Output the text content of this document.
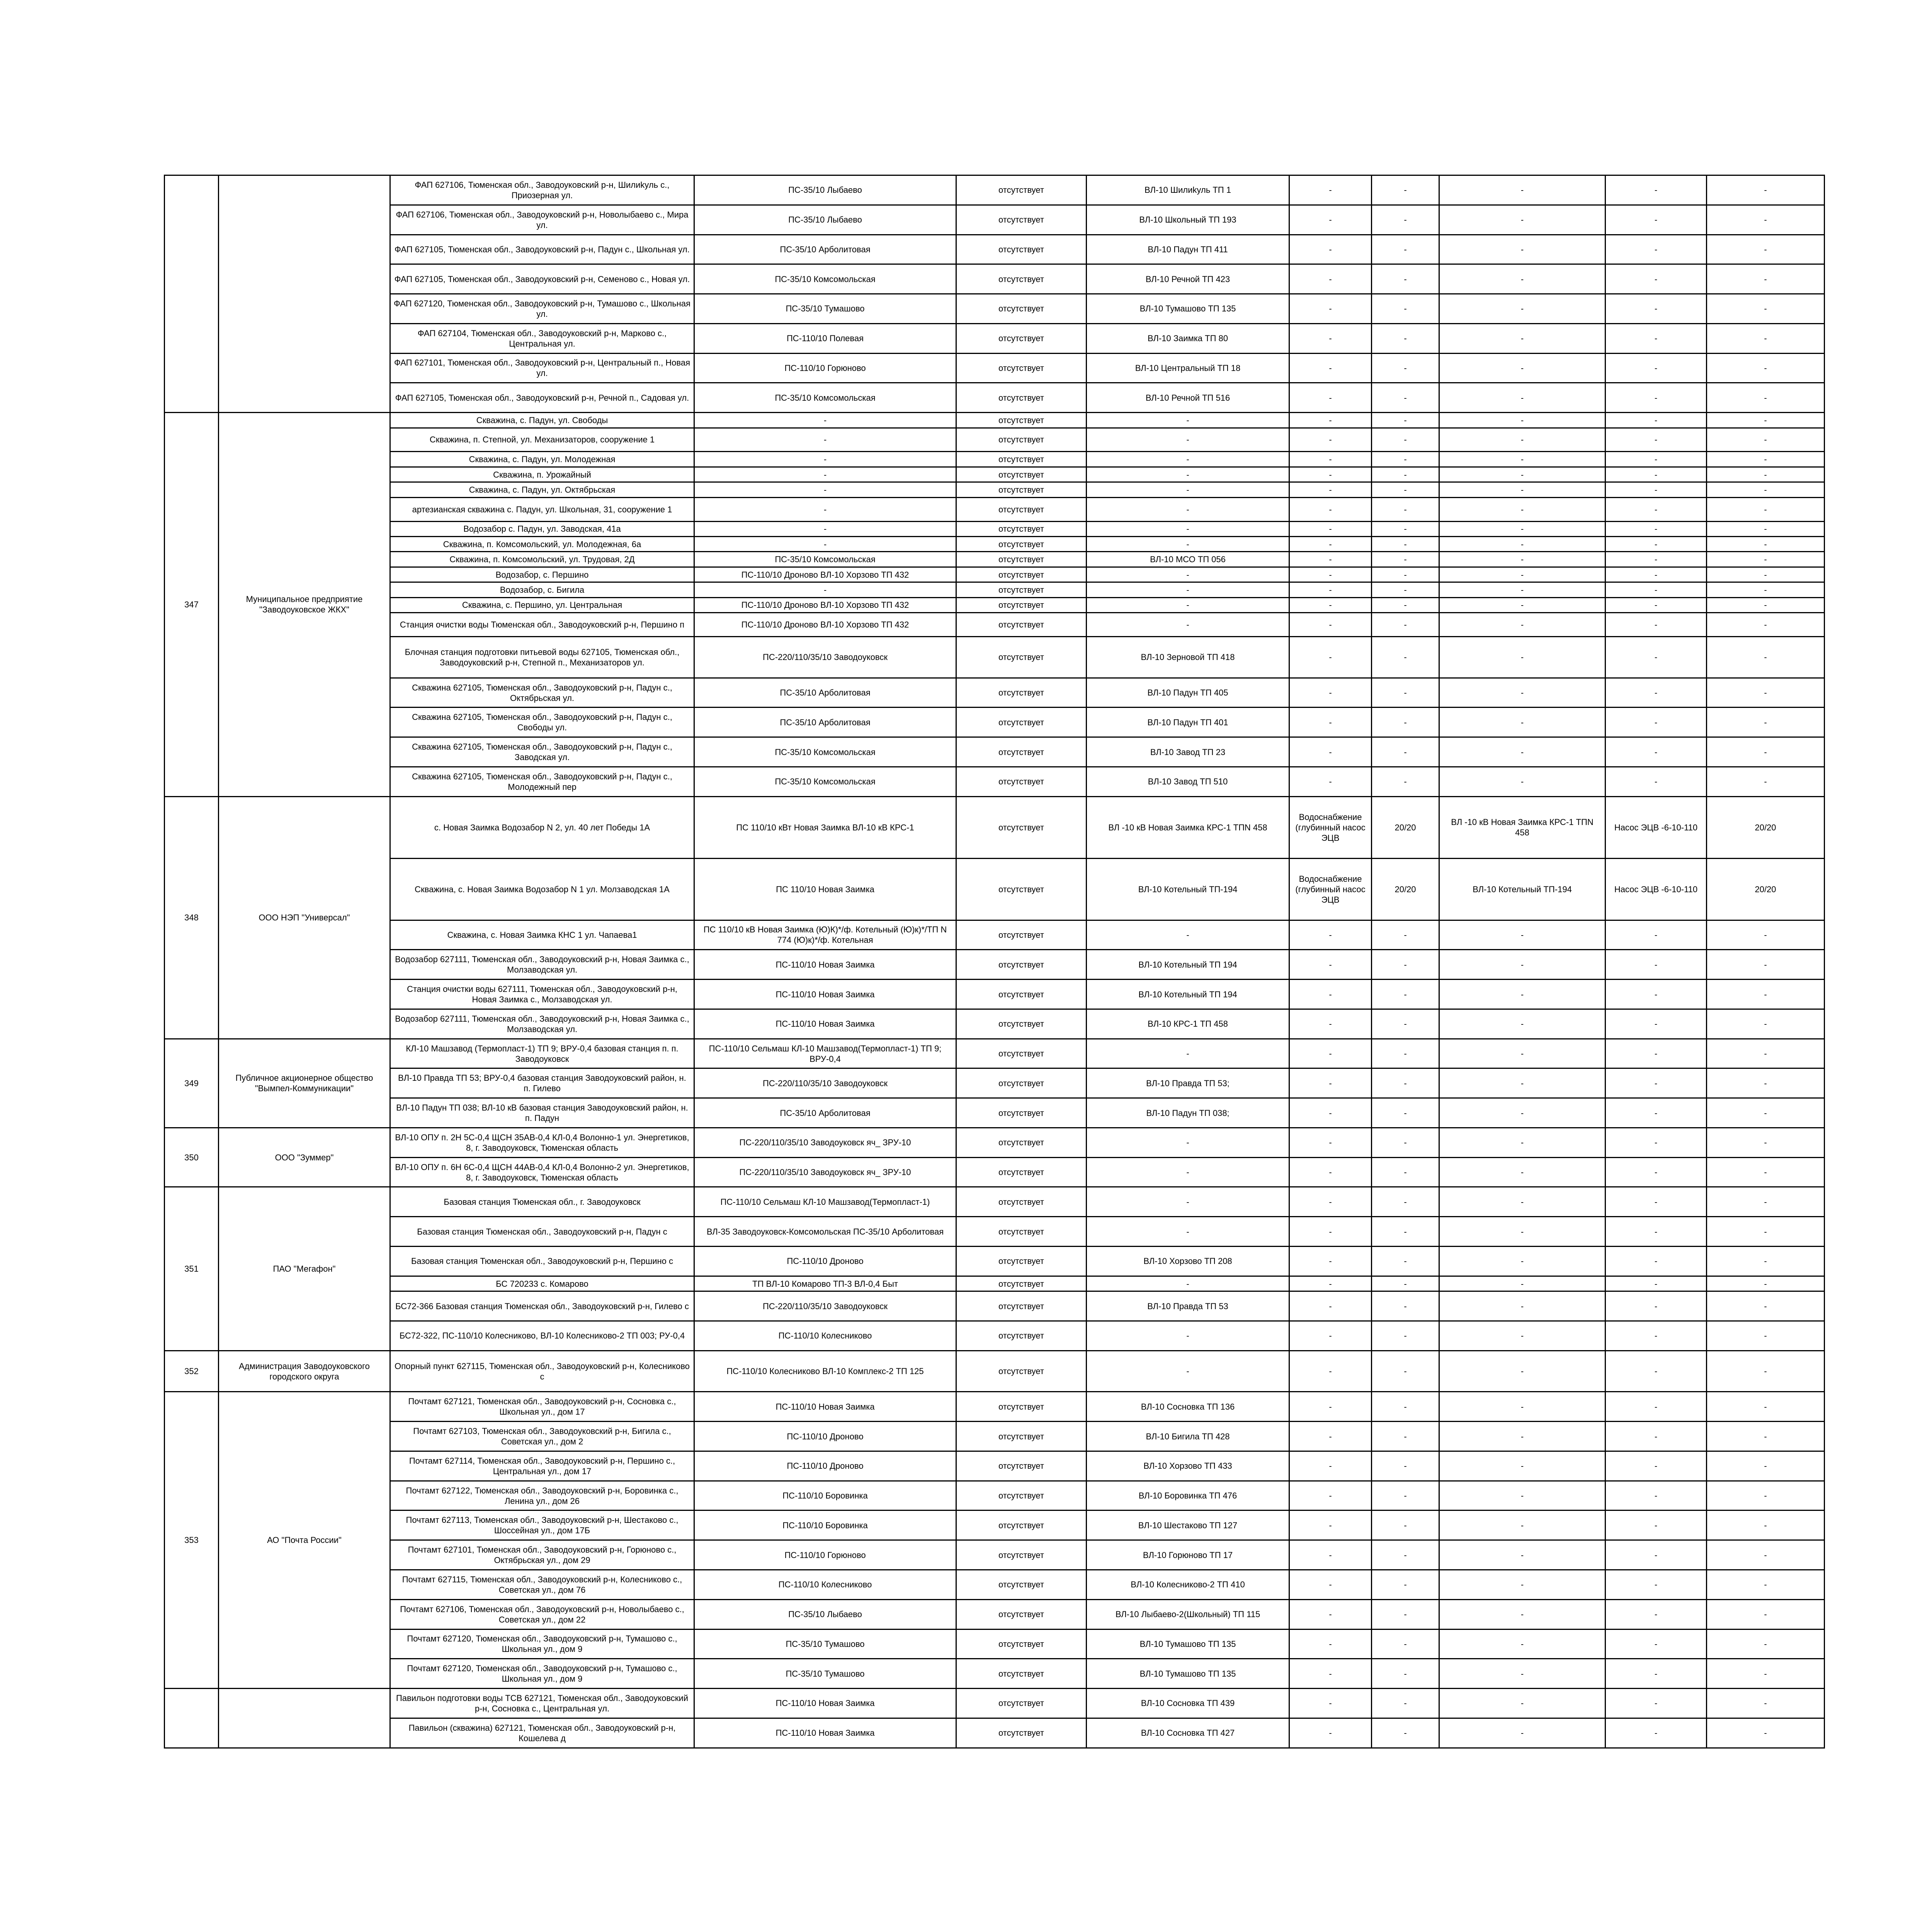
		ФАП 627106, Тюменская обл., Заводоуковский р-н, Шилиkуль с., Приозерная ул.	ПС-35/10 Лыбаево	отсутствует	ВЛ-10 Шилиkуль ТП 1	-	-	-	-	-
		ФАП 627106, Тюменская обл., Заводоуковский р-н, Новолыбаево с., Мира ул.	ПС-35/10 Лыбаево	отсутствует	ВЛ-10 Школьный ТП 193	-	-	-	-	-
		ФАП 627105, Тюменская обл., Заводоуковский р-н, Падун с., Школьная ул.	ПС-35/10 Арболитовая	отсутствует	ВЛ-10 Падун ТП 411	-	-	-	-	-
		ФАП 627105, Тюменская обл., Заводоуковский р-н, Семеново с., Новая ул.	ПС-35/10 Комсомольская	отсутствует	ВЛ-10 Речной ТП 423	-	-	-	-	-
		ФАП 627120, Тюменская обл., Заводоуковский р-н, Тумашово с., Школьная ул.	ПС-35/10 Тумашово	отсутствует	ВЛ-10 Тумашово ТП 135	-	-	-	-	-
		ФАП 627104, Тюменская обл., Заводоуковский р-н, Марково с., Центральная ул.	ПС-110/10 Полевая	отсутствует	ВЛ-10 Заимка ТП 80	-	-	-	-	-
		ФАП 627101, Тюменская обл., Заводоуковский р-н, Центральный п., Новая ул.	ПС-110/10 Горюново	отсутствует	ВЛ-10 Центральный ТП 18	-	-	-	-	-
		ФАП 627105, Тюменская обл., Заводоуковский р-н, Речной п., Садовая ул.	ПС-35/10 Комсомольская	отсутствует	ВЛ-10 Речной ТП 516	-	-	-	-	-
347	Муниципальное предприятие "Заводоуковское ЖКХ"	Скважина, с. Падун, ул. Свободы	-	отсутствует	-	-	-	-	-	-
		Скважина, п. Степной, ул. Механизаторов, сооружение 1	-	отсутствует	-	-	-	-	-	-
		Скважина, с. Падун, ул. Молодежная	-	отсутствует	-	-	-	-	-	-
		Скважина, п. Урожайный	-	отсутствует	-	-	-	-	-	-
		Скважина, с. Падун, ул. Октябрьская	-	отсутствует	-	-	-	-	-	-
		артезианская скважина с. Падун, ул. Школьная, 31, сооружение 1	-	отсутствует	-	-	-	-	-	-
		Водозабор с. Падун, ул. Заводская, 41а	-	отсутствует	-	-	-	-	-	-
		Скважина, п. Комсомольский, ул. Молодежная, 6а	-	отсутствует	-	-	-	-	-	-
		Скважина, п. Комсомольский, ул. Трудовая, 2Д	ПС-35/10 Комсомольская	отсутствует	ВЛ-10 МСО ТП 056	-	-	-	-	-
		Водозабор, с. Першино	ПС-110/10 Дроново ВЛ-10 Хорзово ТП 432	отсутствует	-	-	-	-	-	-
		Водозабор, с. Бигила	-	отсутствует	-	-	-	-	-	-
		Скважина, с. Першино, ул. Центральная	ПС-110/10 Дроново ВЛ-10 Хорзово ТП 432	отсутствует	-	-	-	-	-	-
		Станция очистки воды Тюменская обл., Заводоуковский р-н, Першино п	ПС-110/10 Дроново ВЛ-10 Хорзово ТП 432	отсутствует	-	-	-	-	-	-
		Блочная станция подготовки питьевой воды 627105, Тюменская обл., Заводоуковский р-н, Степной п., Механизаторов ул.	ПС-220/110/35/10 Заводоуковск	отсутствует	ВЛ-10 Зерновой ТП 418	-	-	-	-	-
		Скважина 627105, Тюменская обл., Заводоуковский р-н, Падун с., Октябрьская ул.	ПС-35/10 Арболитовая	отсутствует	ВЛ-10 Падун ТП 405	-	-	-	-	-
		Скважина 627105, Тюменская обл., Заводоуковский р-н, Падун с., Свободы ул.	ПС-35/10 Арболитовая	отсутствует	ВЛ-10 Падун ТП 401	-	-	-	-	-
		Скважина 627105, Тюменская обл., Заводоуковский р-н, Падун с., Заводская ул.	ПС-35/10 Комсомольская	отсутствует	ВЛ-10 Завод ТП 23	-	-	-	-	-
		Скважина 627105, Тюменская обл., Заводоуковский р-н, Падун с., Молодежный пер	ПС-35/10 Комсомольская	отсутствует	ВЛ-10 Завод ТП 510	-	-	-	-	-
348	ООО НЭП "Универсал"	с. Новая Заимка Водозабор N 2, ул. 40 лет Победы 1А	ПС 110/10 кВт Новая Заимка ВЛ-10 кВ КРС-1	отсутствует	ВЛ -10 кВ Новая Заимка КРС-1 ТПN 458	Водоснабжение (глубинный насос ЭЦВ	20/20	ВЛ -10 кВ Новая Заимка КРС-1 ТПN 458	Насос ЭЦВ -6-10-110	20/20
		Скважина, с. Новая Заимка Водозабор N 1 ул. Молзаводская 1А	ПС 110/10 Новая Заимка	отсутствует	ВЛ-10 Котельный ТП-194	Водоснабжение (глубинный насос ЭЦВ	20/20	ВЛ-10 Котельный ТП-194	Насос ЭЦВ -6-10-110	20/20
		Скважина, с. Новая Заимка КНС 1 ул. Чапаева1	ПС 110/10 кВ Новая Заимка (Ю)К)*/ф. Котельный (Ю)к)*/ТП N 774 (Ю)к)*/ф. Котельная	отсутствует	-	-	-	-	-	-
		Водозабор 627111, Тюменская обл., Заводоуковский р-н, Новая Заимка с., Молзаводская ул.	ПС-110/10 Новая Заимка	отсутствует	ВЛ-10 Котельный ТП 194	-	-	-	-	-
		Станция очистки воды 627111, Тюменская обл., Заводоуковский р-н, Новая Заимка с., Молзаводская ул.	ПС-110/10 Новая Заимка	отсутствует	ВЛ-10 Котельный ТП 194	-	-	-	-	-
		Водозабор 627111, Тюменская обл., Заводоуковский р-н, Новая Заимка с., Молзаводская ул.	ПС-110/10 Новая Заимка	отсутствует	ВЛ-10 КРС-1 ТП 458	-	-	-	-	-
349	Публичное акционерное общество "Вымпел-Коммуникации"	КЛ-10 Машзавод (Термопласт-1) ТП 9; ВРУ-0,4 базовая станция п. п. Заводоуковск	ПС-110/10 Сельмаш КЛ-10 Машзавод(Термопласт-1) ТП 9; ВРУ-0,4	отсутствует	-	-	-	-	-	-
		ВЛ-10 Правда ТП 53; ВРУ-0,4 базовая станция Заводоуковский район, н. п. Гилево	ПС-220/110/35/10 Заводоуковск	отсутствует	ВЛ-10 Правда ТП 53;	-	-	-	-	-
		ВЛ-10 Падун ТП 038; ВЛ-10 кВ базовая станция Заводоуковский район, н. п. Падун	ПС-35/10 Арболитовая	отсутствует	ВЛ-10 Падун ТП 038;	-	-	-	-	-
350	ООО "Зуммер"	ВЛ-10 ОПУ п. 2Н 5С-0,4 ЩСН 35АВ-0,4 КЛ-0,4 Волонно-1 ул. Энергетиков, 8, г. Заводоуковск, Тюменская область	ПС-220/110/35/10 Заводоуковск яч_ ЗРУ-10	отсутствует	-	-	-	-	-	-
		ВЛ-10 ОПУ п. 6Н 6С-0,4 ЩСН 44АВ-0,4 КЛ-0,4 Волонно-2 ул. Энергетиков, 8, г. Заводоуковск, Тюменская область	ПС-220/110/35/10 Заводоуковск яч_ ЗРУ-10	отсутствует	-	-	-	-	-	-
351	ПАО "Мегафон"	Базовая станция Тюменская обл., г. Заводоуковск	ПС-110/10 Сельмаш КЛ-10 Машзавод(Термопласт-1)	отсутствует	-	-	-	-	-	-
		Базовая станция Тюменская обл., Заводоуковский р-н, Падун с	ВЛ-35 Заводоуковск-Комсомольская ПС-35/10 Арболитовая	отсутствует	-	-	-	-	-	-
		Базовая станция Тюменская обл., Заводоуковский р-н, Першино с	ПС-110/10 Дроново	отсутствует	ВЛ-10 Хорзово ТП 208	-	-	-	-	-
		БС 720233 с. Комарово	ТП ВЛ-10 Комарово ТП-3 ВЛ-0,4 Быт	отсутствует	-	-	-	-	-	-
		БС72-366 Базовая станция Тюменская обл., Заводоуковский р-н, Гилево с	ПС-220/110/35/10 Заводоуковск	отсутствует	ВЛ-10 Правда ТП 53	-	-	-	-	-
		БС72-322, ПС-110/10 Колесниково, ВЛ-10 Колесниково-2 ТП 003; РУ-0,4	ПС-110/10 Колесниково	отсутствует	-	-	-	-	-	-
352	Администрация Заводоуковского городского округа	Опорный пункт 627115, Тюменская обл., Заводоуковский р-н, Колесниково с	ПС-110/10 Колесниково ВЛ-10 Комплекс-2 ТП 125	отсутствует	-	-	-	-	-	-
353	АО "Почта России"	Почтамт 627121, Тюменская обл., Заводоуковский р-н, Сосновка с., Школьная ул., дом 17	ПС-110/10 Новая Заимка	отсутствует	ВЛ-10 Сосновка ТП 136	-	-	-	-	-
		Почтамт 627103, Тюменская обл., Заводоуковский р-н, Бигила с., Советская ул., дом 2	ПС-110/10 Дроново	отсутствует	ВЛ-10 Бигила ТП 428	-	-	-	-	-
		Почтамт 627114, Тюменская обл., Заводоуковский р-н, Першино с., Центральная ул., дом 17	ПС-110/10 Дроново	отсутствует	ВЛ-10 Хорзово ТП 433	-	-	-	-	-
		Почтамт 627122, Тюменская обл., Заводоуковский р-н, Боровинка с., Ленина ул., дом 26	ПС-110/10 Боровинка	отсутствует	ВЛ-10 Боровинка ТП 476	-	-	-	-	-
		Почтамт 627113, Тюменская обл., Заводоуковский р-н, Шестаково с., Шоссейная ул., дом 17Б	ПС-110/10 Боровинка	отсутствует	ВЛ-10 Шестаково ТП 127	-	-	-	-	-
		Почтамт 627101, Тюменская обл., Заводоуковский р-н, Горюново с., Октябрьская ул., дом 29	ПС-110/10 Горюново	отсутствует	ВЛ-10 Горюново ТП 17	-	-	-	-	-
		Почтамт 627115, Тюменская обл., Заводоуковский р-н, Колесниково с., Советская ул., дом 76	ПС-110/10 Колесниково	отсутствует	ВЛ-10 Колесниково-2 ТП 410	-	-	-	-	-
		Почтамт 627106, Тюменская обл., Заводоуковский р-н, Новолыбаево с., Советская ул., дом 22	ПС-35/10 Лыбаево	отсутствует	ВЛ-10 Лыбаево-2(Школьный) ТП 115	-	-	-	-	-
		Почтамт 627120, Тюменская обл., Заводоуковский р-н, Тумашово с., Школьная ул., дом 9	ПС-35/10 Тумашово	отсутствует	ВЛ-10 Тумашово ТП 135	-	-	-	-	-
		Почтамт 627120, Тюменская обл., Заводоуковский р-н, Тумашово с., Школьная ул., дом 9	ПС-35/10 Тумашово	отсутствует	ВЛ-10 Тумашово ТП 135	-	-	-	-	-
		Павильон подготовки воды ТСВ 627121, Тюменская обл., Заводоуковский р-н, Сосновка с., Центральная ул.	ПС-110/10 Новая Заимка	отсутствует	ВЛ-10 Сосновка ТП 439	-	-	-	-	-
		Павильон (скважина) 627121, Тюменская обл., Заводоуковский р-н, Кошелева д	ПС-110/10 Новая Заимка	отсутствует	ВЛ-10 Сосновка ТП 427	-	-	-	-	-
